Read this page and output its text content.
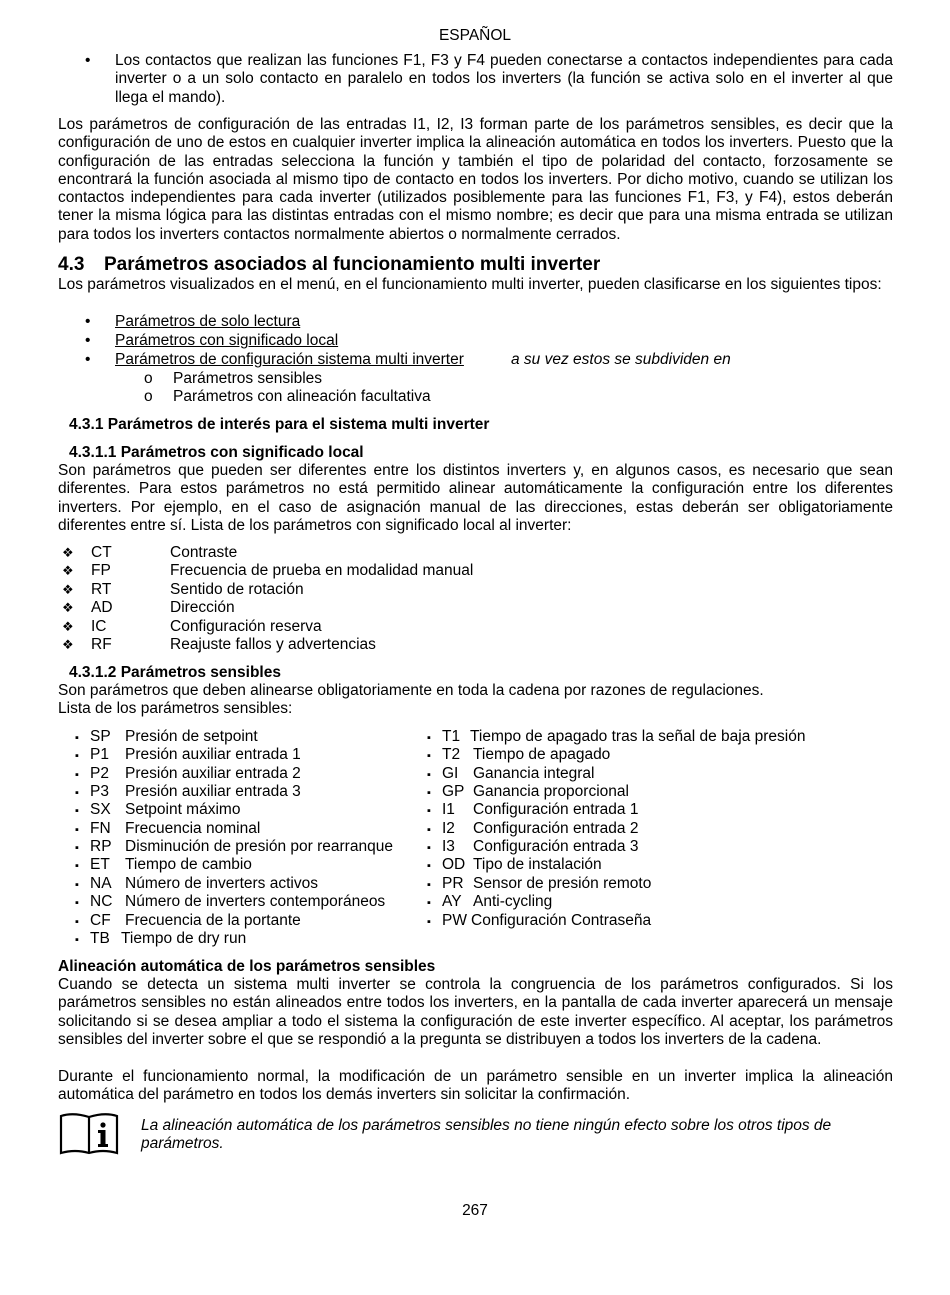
ESPAÑOL
• Los contactos que realizan las funciones F1, F3 y F4 pueden conectarse a contactos independientes para cada inverter o a un solo contacto en paralelo en todos los inverters (la función se activa solo en el inverter al que llega el mando).
Los parámetros de configuración de las entradas I1, I2, I3 forman parte de los parámetros sensibles, es decir que la configuración de uno de estos en cualquier inverter implica la alineación automática en todos los inverters. Puesto que la configuración de las entradas selecciona la función y también el tipo de polaridad del contacto, forzosamente se encontrará la función asociada al mismo tipo de contacto en todos los inverters. Por dicho motivo, cuando se utilizan los contactos independientes para cada inverter (utilizados posiblemente para las funciones F1, F3, y F4), estos deberán tener la misma lógica para las distintas entradas con el mismo nombre; es decir que para una misma entrada se utilizan para todos los inverters contactos normalmente abiertos o normalmente cerrados.
4.3 Parámetros asociados al funcionamiento multi inverter
Los parámetros visualizados en el menú, en el funcionamiento multi inverter, pueden clasificarse en los siguientes tipos:
• Parámetros de solo lectura
• Parámetros con significado local
• Parámetros de configuración sistema multi inverter	a su vez estos se subdividen en
o Parámetros sensibles
o Parámetros con alineación facultativa
4.3.1 Parámetros de interés para el sistema multi inverter
4.3.1.1 Parámetros con significado local
Son parámetros que pueden ser diferentes entre los distintos inverters y, en algunos casos, es necesario que sean diferentes. Para estos parámetros no está permitido alinear automáticamente la configuración entre los diferentes inverters. Por ejemplo, en el caso de asignación manual de las direcciones, estas deberán ser obligatoriamente diferentes entre sí. Lista de los parámetros con significado local al inverter:
❖ CT	Contraste
❖ FP	Frecuencia de prueba en modalidad manual
❖ RT	Sentido de rotación
❖ AD	Dirección
❖ IC	Configuración reserva
❖ RF	Reajuste fallos y advertencias
4.3.1.2 Parámetros sensibles
Son parámetros que deben alinearse obligatoriamente en toda la cadena por razones de regulaciones.
Lista de los parámetros sensibles:
▪ SP Presión de setpoint
▪ P1 Presión auxiliar entrada 1
▪ P2 Presión auxiliar entrada 2
▪ P3 Presión auxiliar entrada 3
▪ SX Setpoint máximo
▪ FN Frecuencia nominal
▪ RP Disminución de presión por rearranque
▪ ET Tiempo de cambio
▪ NA Número de inverters activos
▪ NC Número de inverters contemporáneos
▪ CF Frecuencia de la portante
▪ TB Tiempo de dry run
▪ T1 Tiempo de apagado tras la señal de baja presión
▪ T2 Tiempo de apagado
▪ GI Ganancia integral
▪ GP Ganancia proporcional
▪ I1 Configuración entrada 1
▪ I2 Configuración entrada 2
▪ I3 Configuración entrada 3
▪ OD Tipo de instalación
▪ PR Sensor de presión remoto
▪ AY Anti-cycling
▪ PW Configuración Contraseña
Alineación automática de los parámetros sensibles
Cuando se detecta un sistema multi inverter se controla la congruencia de los parámetros configurados. Si los parámetros sensibles no están alineados entre todos los inverters, en la pantalla de cada inverter aparecerá un mensaje solicitando si se desea ampliar a todo el sistema la configuración de este inverter específico. Al aceptar, los parámetros sensibles del inverter sobre el que se respondió a la pregunta se distribuyen a todos los inverters de la cadena.
Durante el funcionamiento normal, la modificación de un parámetro sensible en un inverter implica la alineación automática del parámetro en todos los demás inverters sin solicitar la confirmación.
La alineación automática de los parámetros sensibles no tiene ningún efecto sobre los otros tipos de parámetros.
267
